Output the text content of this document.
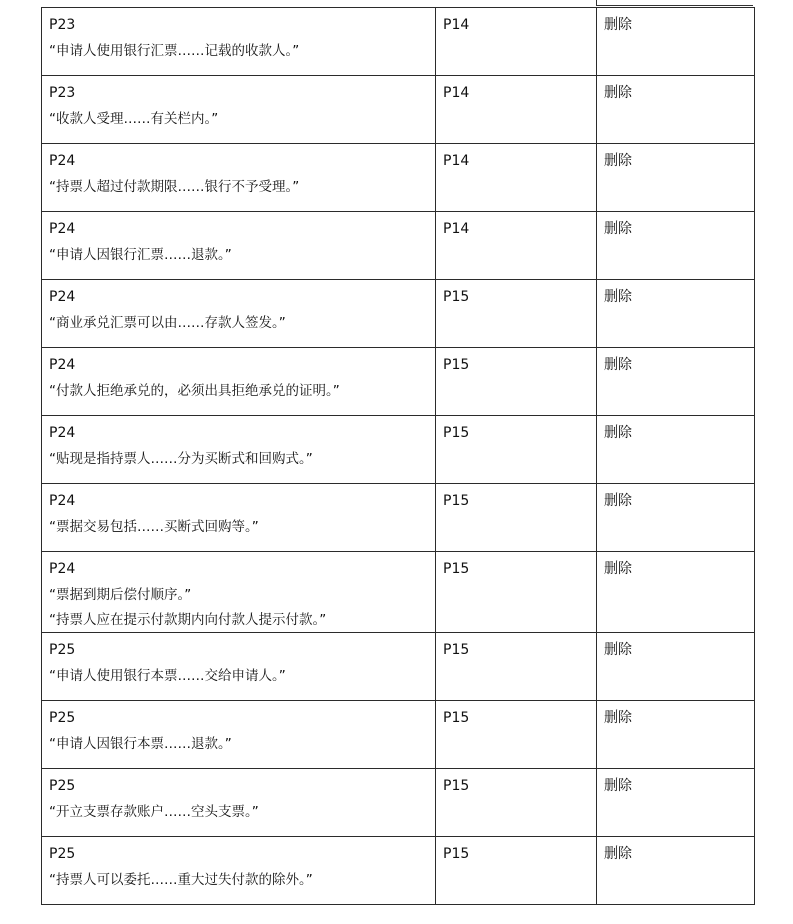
P23
“申请人使用银行汇票……记载的收款人。”	P14	删除

P23
“收款人受理……有关栏内。”	P14	删除

P24
“持票人超过付款期限……银行不予受理。”	P14	删除

P24
“申请人因银行汇票……退款。”	P14	删除

P24
“商业承兑汇票可以由……存款人签发。”	P15	删除

P24
“付款人拒绝承兑的，必须出具拒绝承兑的证明。”	P15	删除

P24
“贴现是指持票人……分为买断式和回购式。”	P15	删除

P24
“票据交易包括……买断式回购等。”	P15	删除

P24
“票据到期后偿付顺序。”
“持票人应在提示付款期内向付款人提示付款。”	P15	删除

P25
“申请人使用银行本票……交给申请人。”	P15	删除

P25
“申请人因银行本票……退款。”	P15	删除

P25
“开立支票存款账户……空头支票。”	P15	删除

P25
“持票人可以委托……重大过失付款的除外。”	P15	删除
